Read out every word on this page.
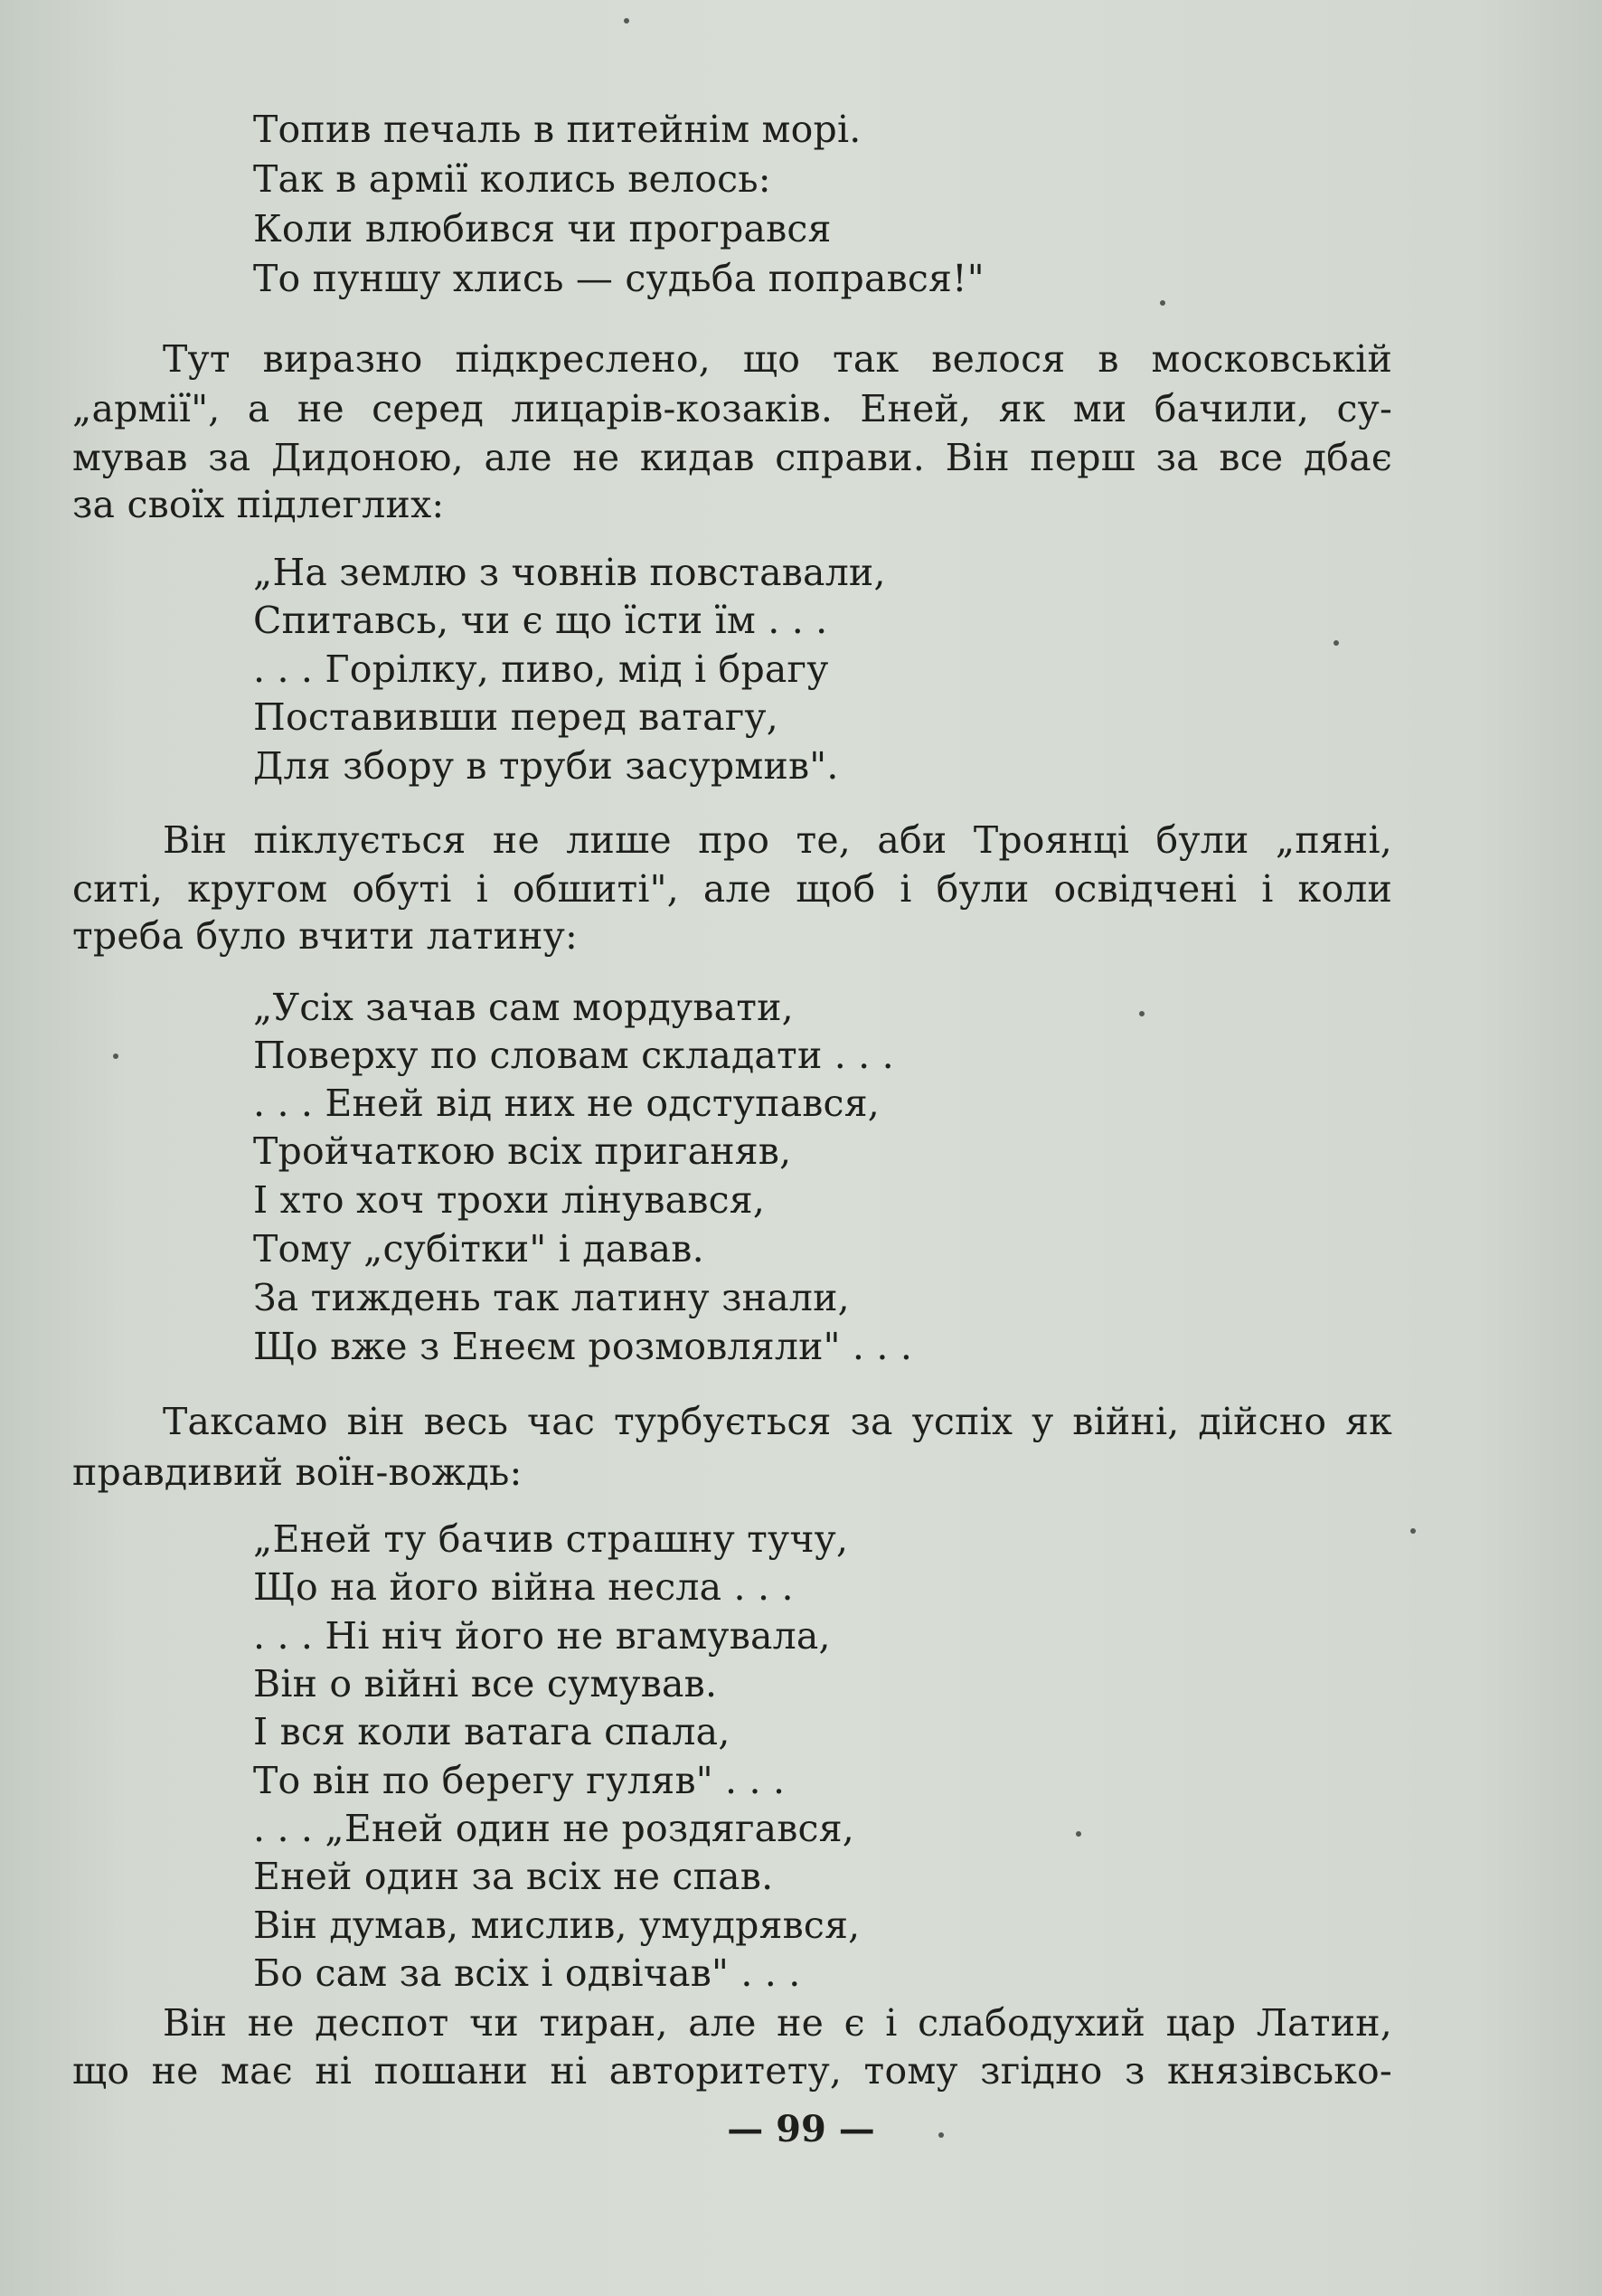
Топив печаль в питейнім морі.
Так в армії колись велось:
Коли влюбився чи програвся
То пуншу хлись — судьба поправся!"
Тут виразно підкреслено, що так велося в московській
„армії", а не серед лицарів-козаків. Еней, як ми бачили, су-
мував за Дидоною, але не кидав справи. Він перш за все дбає
за своїх підлеглих:
„На землю з човнів повставали,
Спитавсь, чи є що їсти їм . . .
. . . Горілку, пиво, мід і брагу
Поставивши перед ватагу,
Для збору в труби засурмив".
Він піклується не лише про те, аби Троянці були „пяні,
ситі, кругом обуті і обшиті", але щоб і були освідчені і коли
треба було вчити латину:
„Усіх зачав сам мордувати,
Поверху по словам складати . . .
. . . Еней від них не одступався,
Тройчаткою всіх приганяв,
І хто хоч трохи лінувався,
Тому „субітки" і давав.
За тиждень так латину знали,
Що вже з Енеєм розмовляли" . . .
Таксамо він весь час турбується за успіх у війні, дійсно як
правдивий воїн-вождь:
„Еней ту бачив страшну тучу,
Що на його війна несла . . .
. . . Ні ніч його не вгамувала,
Він о війні все сумував.
І вся коли ватага спала,
То він по берегу гуляв" . . .
. . . „Еней один не роздягався,
Еней один за всіх не спав.
Він думав, мислив, умудрявся,
Бо сам за всіх і одвічав" . . .
Він не деспот чи тиран, але не є і слабодухий цар Латин,
що не має ні пошани ні авторитету, тому згідно з князівсько-
— 99 —
